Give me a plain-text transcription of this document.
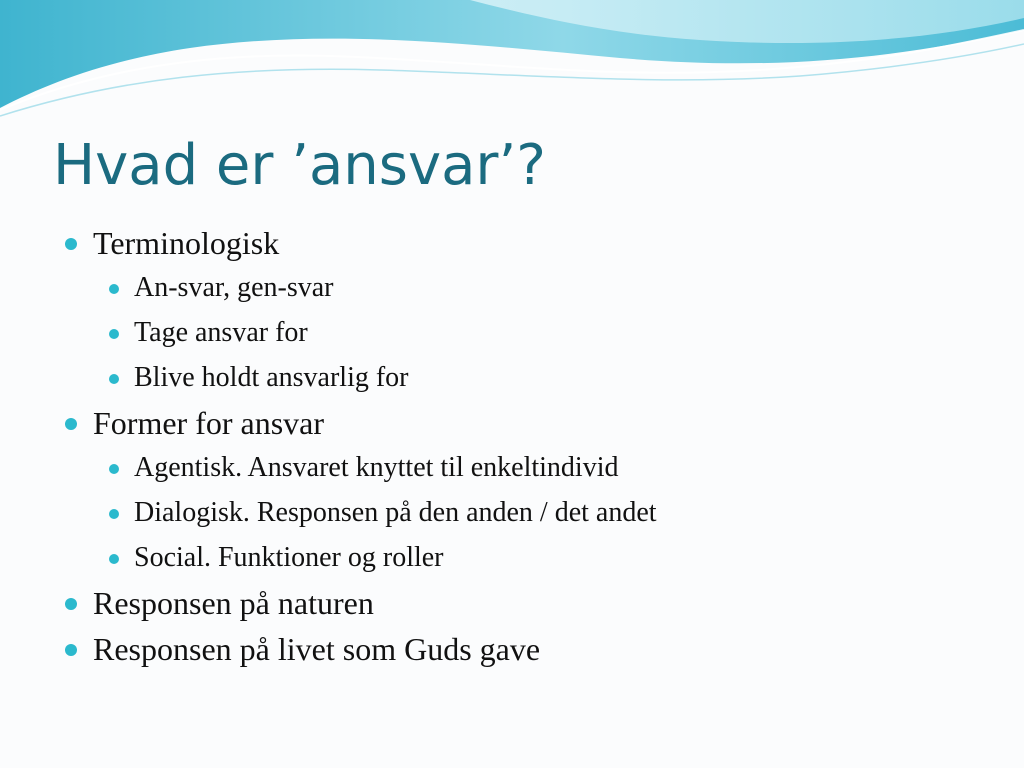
Hvad er ’ansvar’?
Terminologisk
An-svar, gen-svar
Tage ansvar for
Blive holdt ansvarlig for
Former for ansvar
Agentisk. Ansvaret knyttet til enkeltindivid
Dialogisk. Responsen på den anden / det andet
Social. Funktioner og roller
Responsen på naturen
Responsen på livet som Guds gave
